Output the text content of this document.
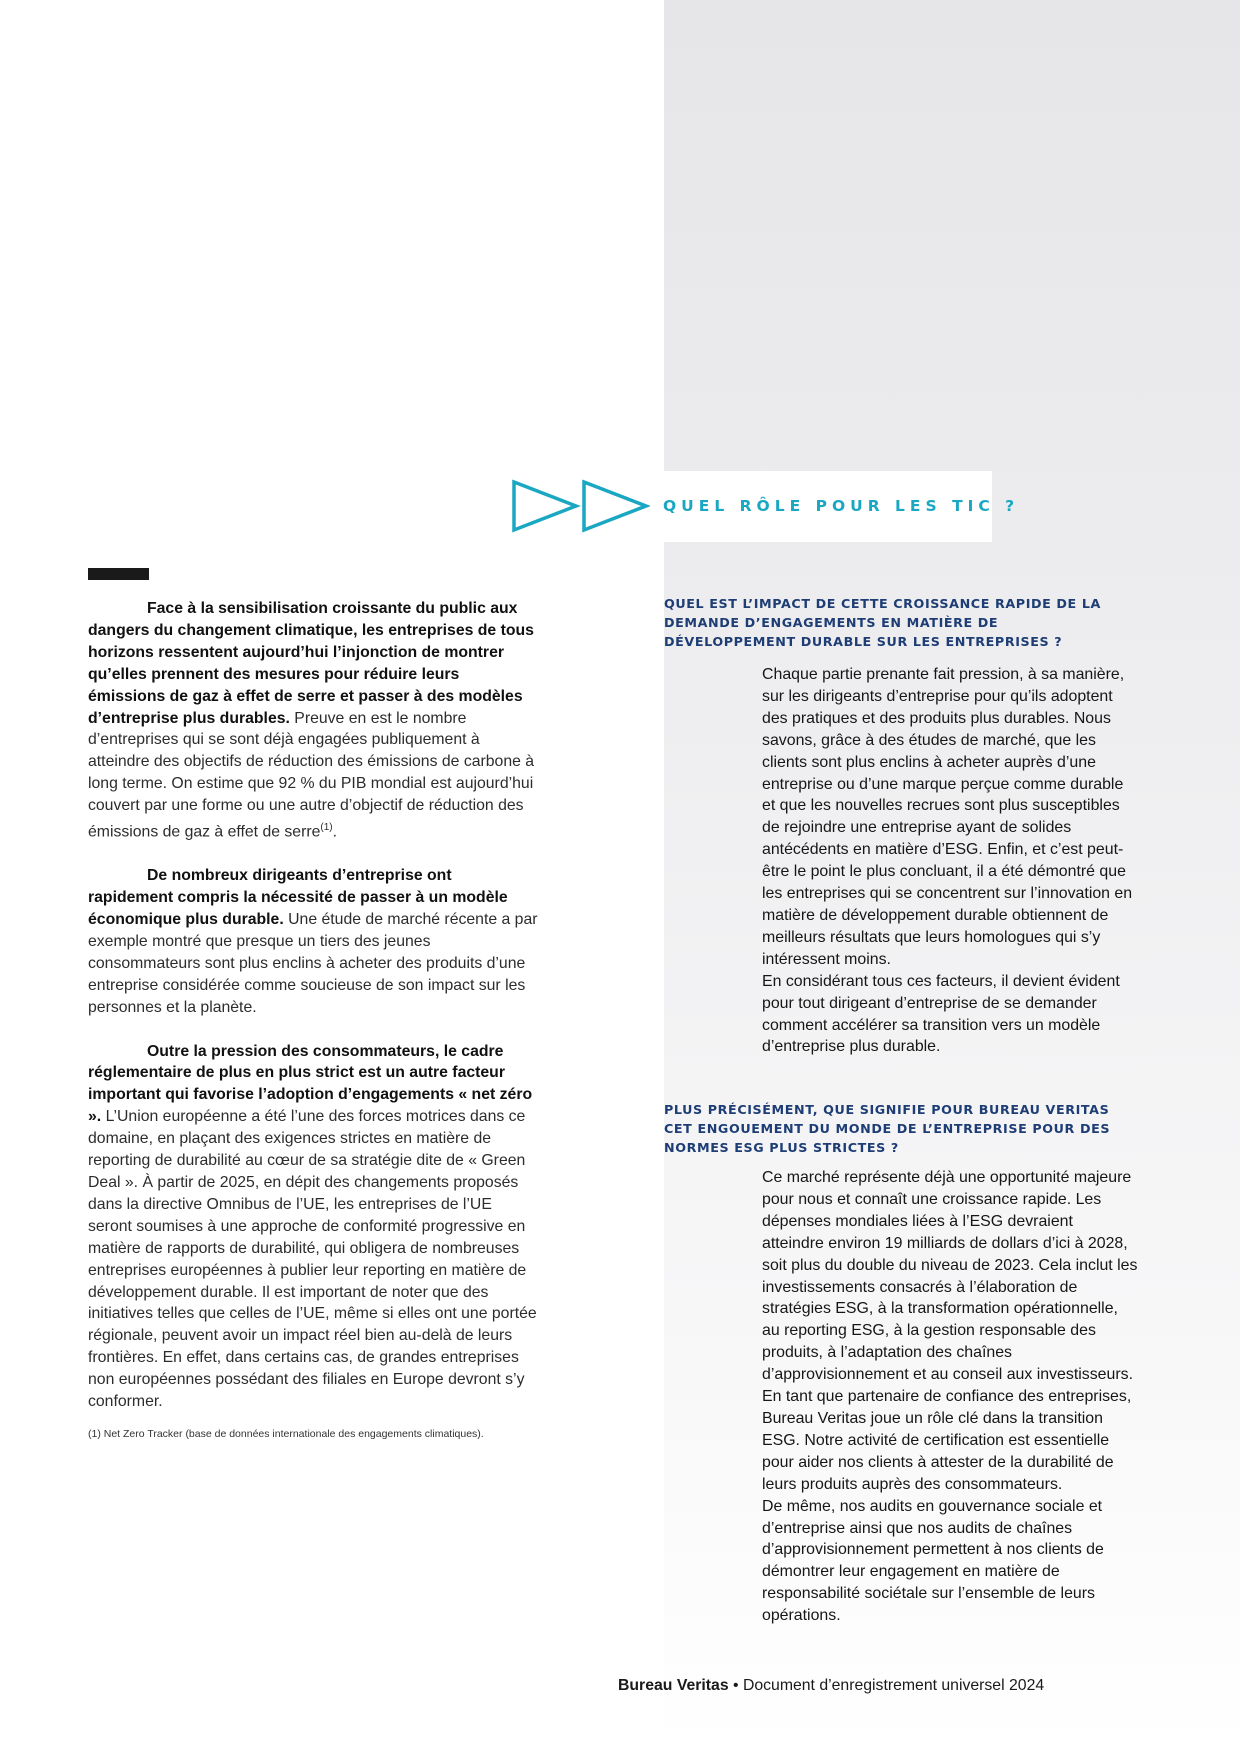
QUEL RÔLE POUR LES TIC ?

Face à la sensibilisation croissante du public aux dangers du changement climatique, les entreprises de tous horizons ressentent aujourd’hui l’injonction de montrer qu’elles prennent des mesures pour réduire leurs émissions de gaz à effet de serre et passer à des modèles d’entreprise plus durables. Preuve en est le nombre d’entreprises qui se sont déjà engagées publiquement à atteindre des objectifs de réduction des émissions de carbone à long terme. On estime que 92 % du PIB mondial est aujourd’hui couvert par une forme ou une autre d’objectif de réduction des émissions de gaz à effet de serre$^{(1)}$.

De nombreux dirigeants d’entreprise ont rapidement compris la nécessité de passer à un modèle économique plus durable. Une étude de marché récente a par exemple montré que presque un tiers des jeunes consommateurs sont plus enclins à acheter des produits d’une entreprise considérée comme soucieuse de son impact sur les personnes et la planète.

Outre la pression des consommateurs, le cadre réglementaire de plus en plus strict est un autre facteur important qui favorise l’adoption d’engagements « net zéro ». L’Union européenne a été l’une des forces motrices dans ce domaine, en plaçant des exigences strictes en matière de reporting de durabilité au cœur de sa stratégie dite de « Green Deal ». À partir de 2025, en dépit des changements proposés dans la directive Omnibus de l’UE, les entreprises de l’UE seront soumises à une approche de conformité progressive en matière de rapports de durabilité, qui obligera de nombreuses entreprises européennes à publier leur reporting en matière de développement durable. Il est important de noter que des initiatives telles que celles de l’UE, même si elles ont une portée régionale, peuvent avoir un impact réel bien au-delà de leurs frontières. En effet, dans certains cas, de grandes entreprises non européennes possédant des filiales en Europe devront s’y conformer.

(1) Net Zero Tracker (base de données internationale des engagements climatiques).

QUEL EST L’IMPACT DE CETTE CROISSANCE RAPIDE DE LA DEMANDE D’ENGAGEMENTS EN MATIÈRE DE DÉVELOPPEMENT DURABLE SUR LES ENTREPRISES ?

Chaque partie prenante fait pression, à sa manière, sur les dirigeants d’entreprise pour qu’ils adoptent des pratiques et des produits plus durables. Nous savons, grâce à des études de marché, que les clients sont plus enclins à acheter auprès d’une entreprise ou d’une marque perçue comme durable et que les nouvelles recrues sont plus susceptibles de rejoindre une entreprise ayant de solides antécédents en matière d’ESG. Enfin, et c’est peut-être le point le plus concluant, il a été démontré que les entreprises qui se concentrent sur l’innovation en matière de développement durable obtiennent de meilleurs résultats que leurs homologues qui s’y intéressent moins.

En considérant tous ces facteurs, il devient évident pour tout dirigeant d’entreprise de se demander comment accélérer sa transition vers un modèle d’entreprise plus durable.

PLUS PRÉCISÉMENT, QUE SIGNIFIE POUR BUREAU VERITAS CET ENGOUEMENT DU MONDE DE L’ENTREPRISE POUR DES NORMES ESG PLUS STRICTES ?

Ce marché représente déjà une opportunité majeure pour nous et connaît une croissance rapide. Les dépenses mondiales liées à l’ESG devraient atteindre environ 19 milliards de dollars d’ici à 2028, soit plus du double du niveau de 2023. Cela inclut les investissements consacrés à l’élaboration de stratégies ESG, à la transformation opérationnelle, au reporting ESG, à la gestion responsable des produits, à l’adaptation des chaînes d’approvisionnement et au conseil aux investisseurs.

En tant que partenaire de confiance des entreprises, Bureau Veritas joue un rôle clé dans la transition ESG. Notre activité de certification est essentielle pour aider nos clients à attester de la durabilité de leurs produits auprès des consommateurs.

De même, nos audits en gouvernance sociale et d’entreprise ainsi que nos audits de chaînes d’approvisionnement permettent à nos clients de démontrer leur engagement en matière de responsabilité sociétale sur l’ensemble de leurs opérations.

Bureau Veritas • Document d’enregistrement universel 2024
